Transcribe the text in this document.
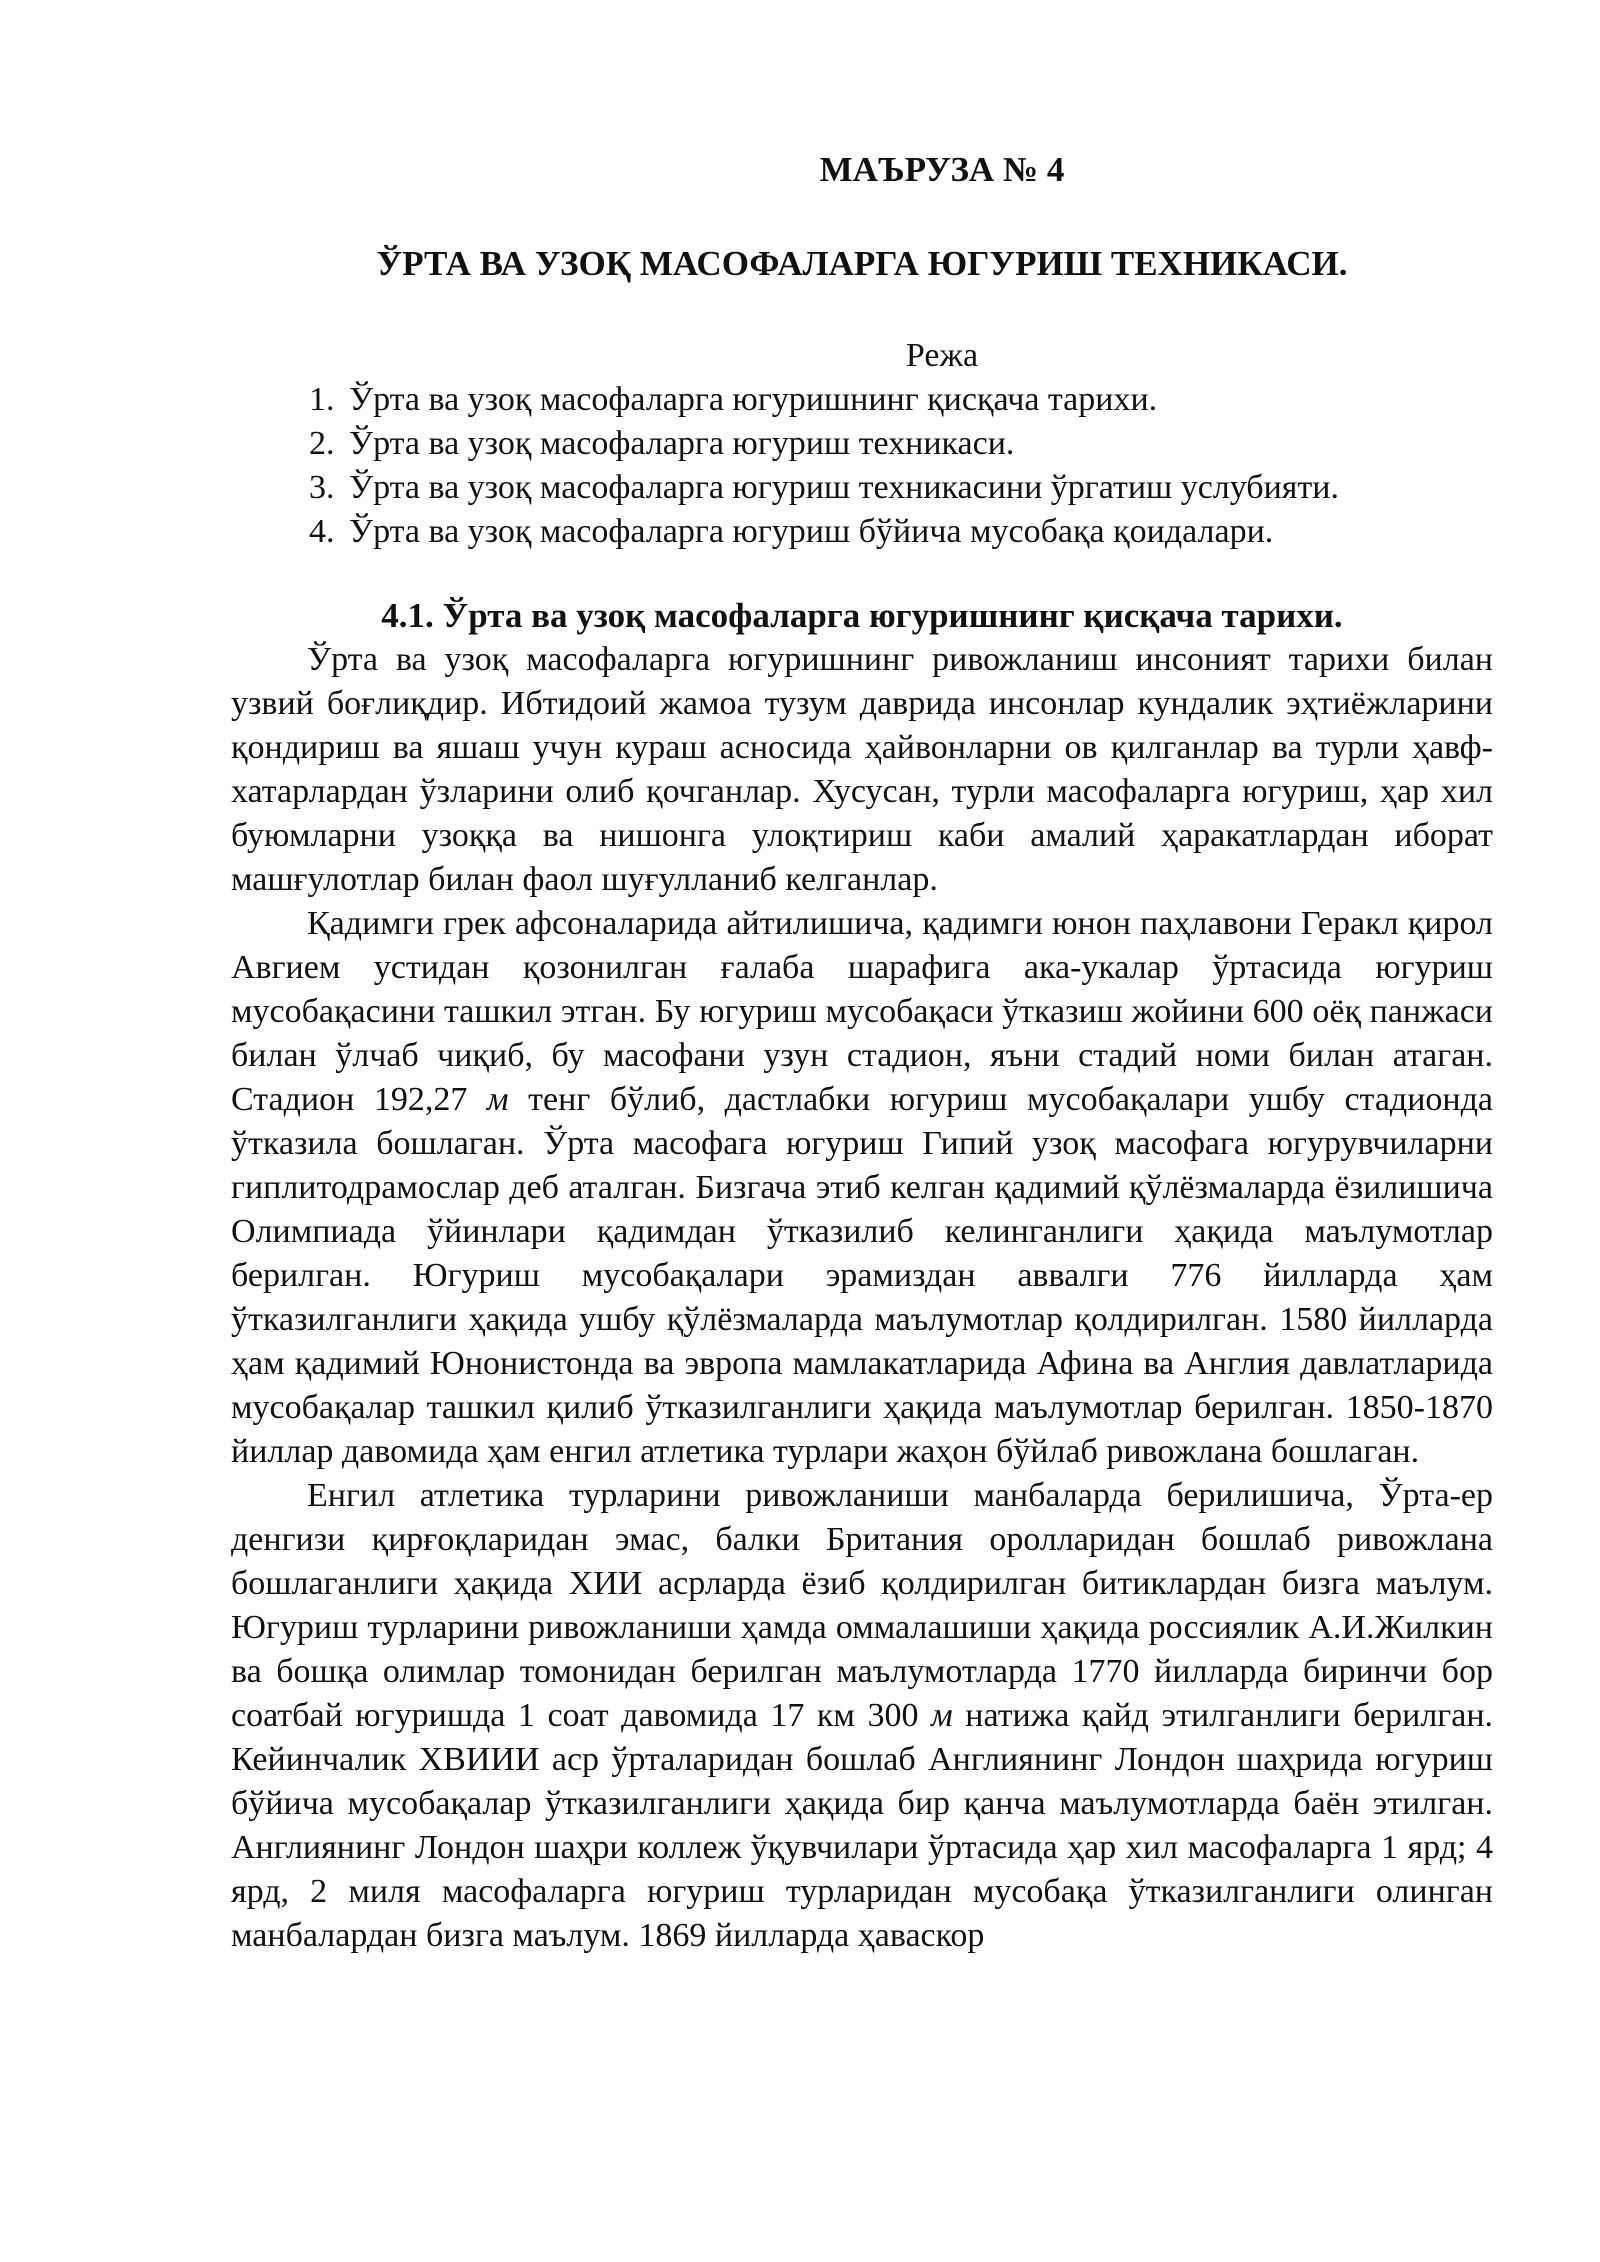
МАЪРУЗА № 4
ЎРТА ВА УЗОҚ МАСОФАЛАРГА ЮГУРИШ ТЕХНИКАСИ.
Режа
1. Ўрта ва узоқ масофаларга югуришнинг қисқача тарихи.
2. Ўрта ва узоқ масофаларга югуриш техникаси.
3. Ўрта ва узоқ масофаларга югуриш техникасини ўргатиш услубияти.
4. Ўрта ва узоқ масофаларга югуриш бўйича мусобақа қоидалари.
4.1. Ўрта ва узоқ масофаларга югуришнинг қисқача тарихи.

Ўрта ва узоқ масофаларга югуришнинг ривожланиш инсоният тарихи билан узвий боғлиқдир. Ибтидоий жамоа тузум даврида инсонлар кундалик эҳтиёжларини қондириш ва яшаш учун кураш асносида ҳайвонларни ов қилганлар ва турли ҳавф-хатарлардан ўзларини олиб қочганлар. Хусусан, турли масофаларга югуриш, ҳар хил буюмларни узоққа ва нишонга улоқтириш каби амалий ҳаракатлардан иборат машғулотлар билан фаол шуғулланиб келганлар.

Қадимги грек афсоналарида айтилишича, қадимги юнон паҳлавони Геракл қирол Авгиeм устидан қозонилган ғалаба шарафига ака-укалар ўртасида югуриш мусобақасини ташкил этган. Бу югуриш мусобақаси ўтказиш жойини 600 оёқ панжаси билан ўлчаб чиқиб, бу масофани узун стадион, яъни стадий номи билан атаган. Стадион 192,27 м тенг бўлиб, дастлабки югуриш мусобақалари ушбу стадионда ўтказила бошлаган. Ўрта масофага югуриш Гипий узоқ масофага югурувчиларни гиплитодрамослар деб аталган. Бизгача этиб келган қадимий қўлёзмаларда ёзилишича Олимпиада ўйинлари қадимдан ўтказилиб келинганлиги ҳақида маълумотлар берилган. Югуриш мусобақалари эрамиздан аввалги 776 йилларда ҳам ўтказилганлиги ҳақида ушбу қўлёзмаларда маълумотлар қолдирилган. 1580 йилларда ҳам қадимий Юнонистонда ва эвропа мамлакатларида Афина ва Англия давлатларида мусобақалар ташкил қилиб ўтказилганлиги ҳақида маълумотлар берилган. 1850-1870 йиллар давомида ҳам енгил атлетика турлари жаҳон бўйлаб ривожлана бошлаган.

Енгил атлетика турларини ривожланиши манбаларда берилишича, Ўрта-ер денгизи қирғоқларидан эмас, балки Британия оролларидан бошлаб ривожлана бошлаганлиги ҳақида ХИИ асрларда ёзиб қолдирилган битиклардан бизга маълум. Югуриш турларини ривожланиши ҳамда оммалашиши ҳақида россиялик А.И.Жилкин ва бошқа олимлар томонидан берилган маълумотларда 1770 йилларда биринчи бор соатбай югуришда 1 соат давомида 17 км 300 м натижа қайд этилганлиги берилган. Кейинчалик ХВИИИ аср ўрталаридан бошлаб Англиянинг Лондон шаҳрида югуриш бўйича мусобақалар ўтказилганлиги ҳақида бир қанча маълумотларда баён этилган. Англиянинг Лондон шаҳри коллеж ўқувчилари ўртасида ҳар хил масофаларга 1 ярд; 4 ярд, 2 миля масофаларга югуриш турларидан мусобақа ўтказилганлиги олинган манбалардан бизга маълум. 1869 йилларда ҳаваскор
